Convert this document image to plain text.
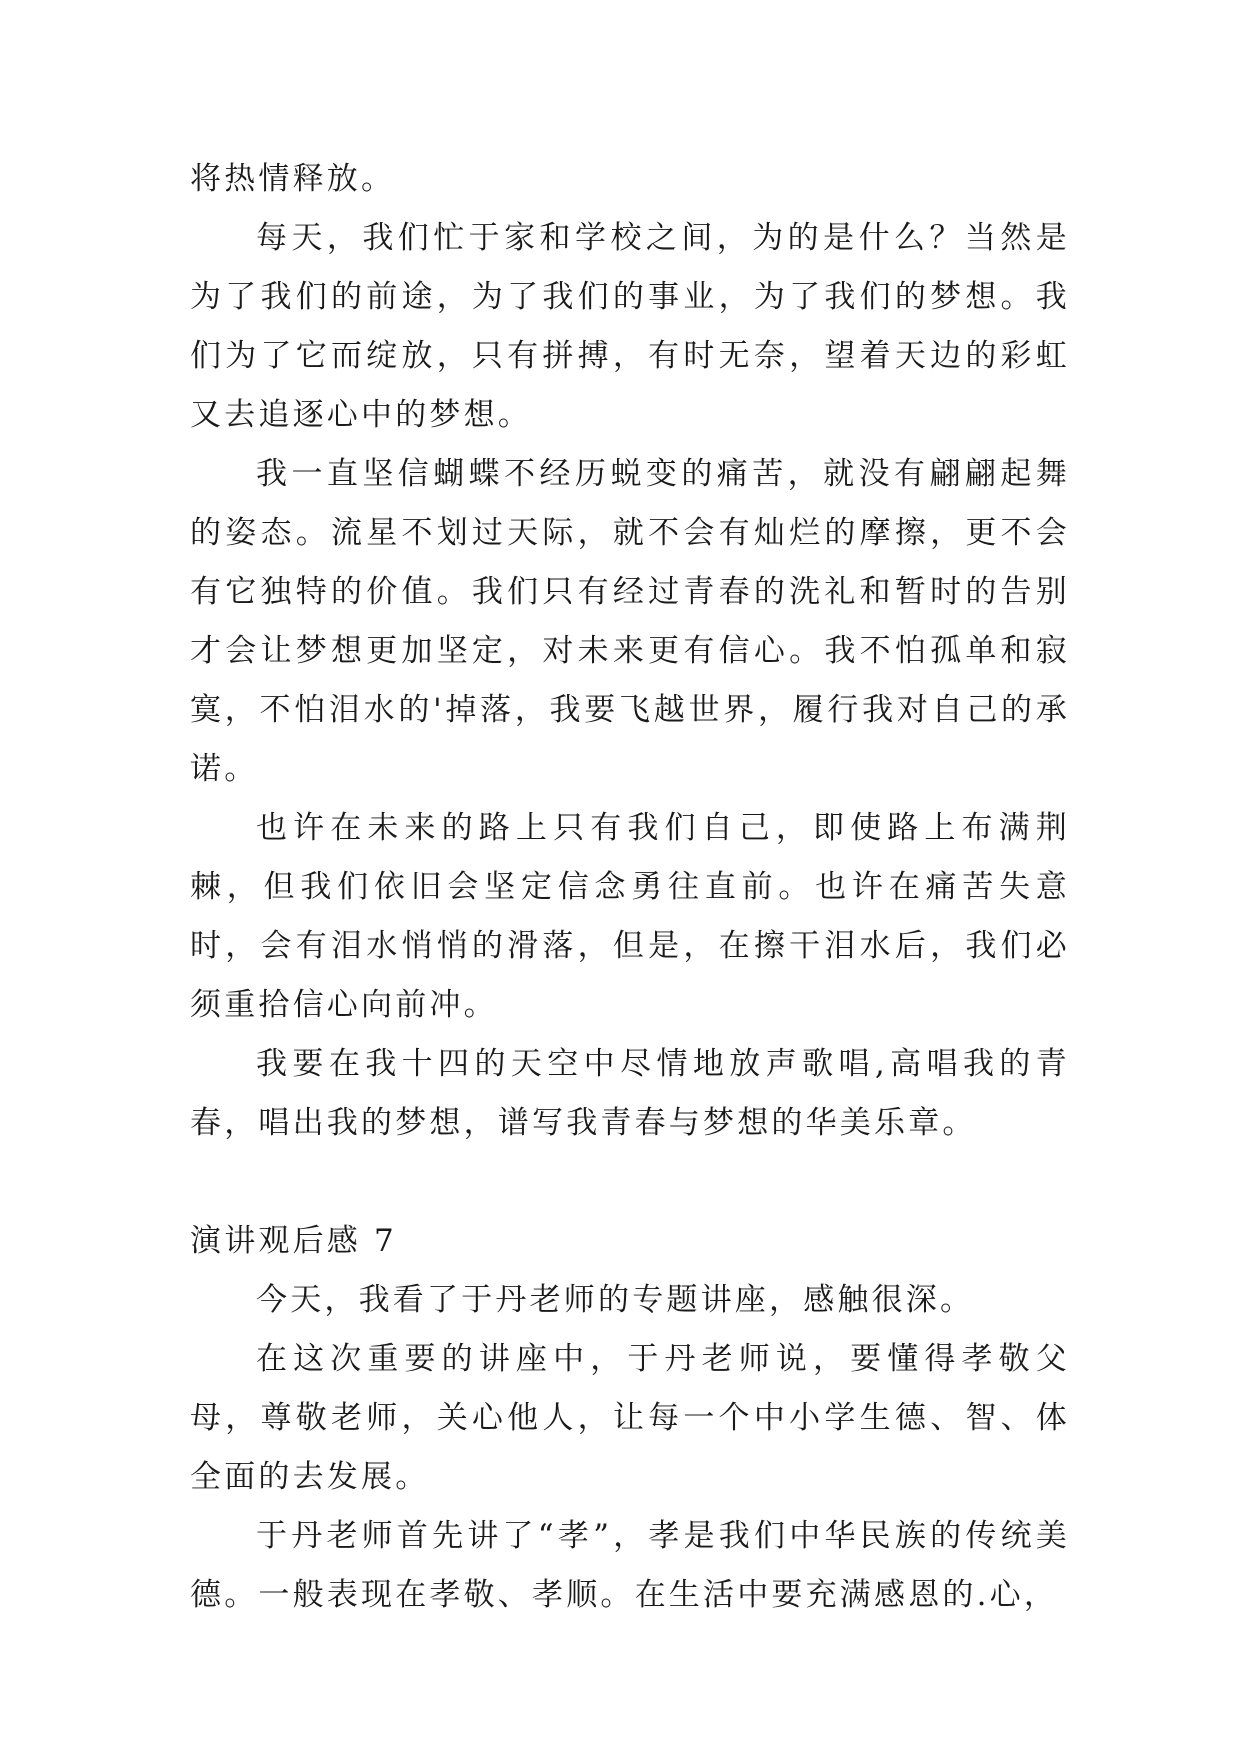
将热情释放。

每天，我们忙于家和学校之间，为的是什么？当然是为了我们的前途，为了我们的事业，为了我们的梦想。我们为了它而绽放，只有拼搏，有时无奈，望着天边的彩虹又去追逐心中的梦想。

我一直坚信蝴蝶不经历蜕变的痛苦，就没有翩翩起舞的姿态。流星不划过天际，就不会有灿烂的摩擦，更不会有它独特的价值。我们只有经过青春的洗礼和暂时的告别才会让梦想更加坚定，对未来更有信心。我不怕孤单和寂寞，不怕泪水的'掉落，我要飞越世界，履行我对自己的承诺。

也许在未来的路上只有我们自己，即使路上布满荆棘，但我们依旧会坚定信念勇往直前。也许在痛苦失意时，会有泪水悄悄的滑落，但是，在擦干泪水后，我们必须重拾信心向前冲。

我要在我十四的天空中尽情地放声歌唱,高唱我的青春，唱出我的梦想，谱写我青春与梦想的华美乐章。

演讲观后感 7

今天，我看了于丹老师的专题讲座，感触很深。

在这次重要的讲座中，于丹老师说，要懂得孝敬父母，尊敬老师，关心他人，让每一个中小学生德、智、体全面的去发展。

于丹老师首先讲了“孝”，孝是我们中华民族的传统美德。一般表现在孝敬、孝顺。在生活中要充满感恩的.心，
